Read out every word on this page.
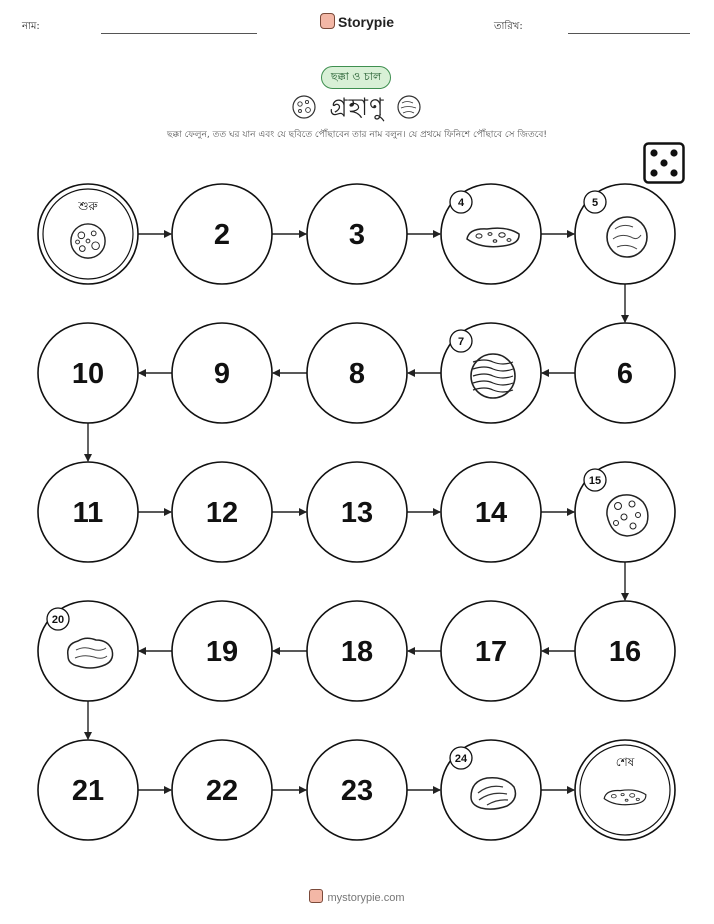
নাম:	Storypie	তারিখ:
ছক্কা ও চাল
গ্রহাণু
ছক্কা ফেলুন, তত ঘর যান এবং যে ছবিতে পৌঁছাবেন তার নাম বলুন। যে প্রথমে ফিনিশে পৌঁছাবে সে জিতবে!
শুরু
2	3
4	5
6
7
8
9
10
11	12	13	14
15
16
17
18
19
20
21	22	23
24	শেষ
mystorypie.com
